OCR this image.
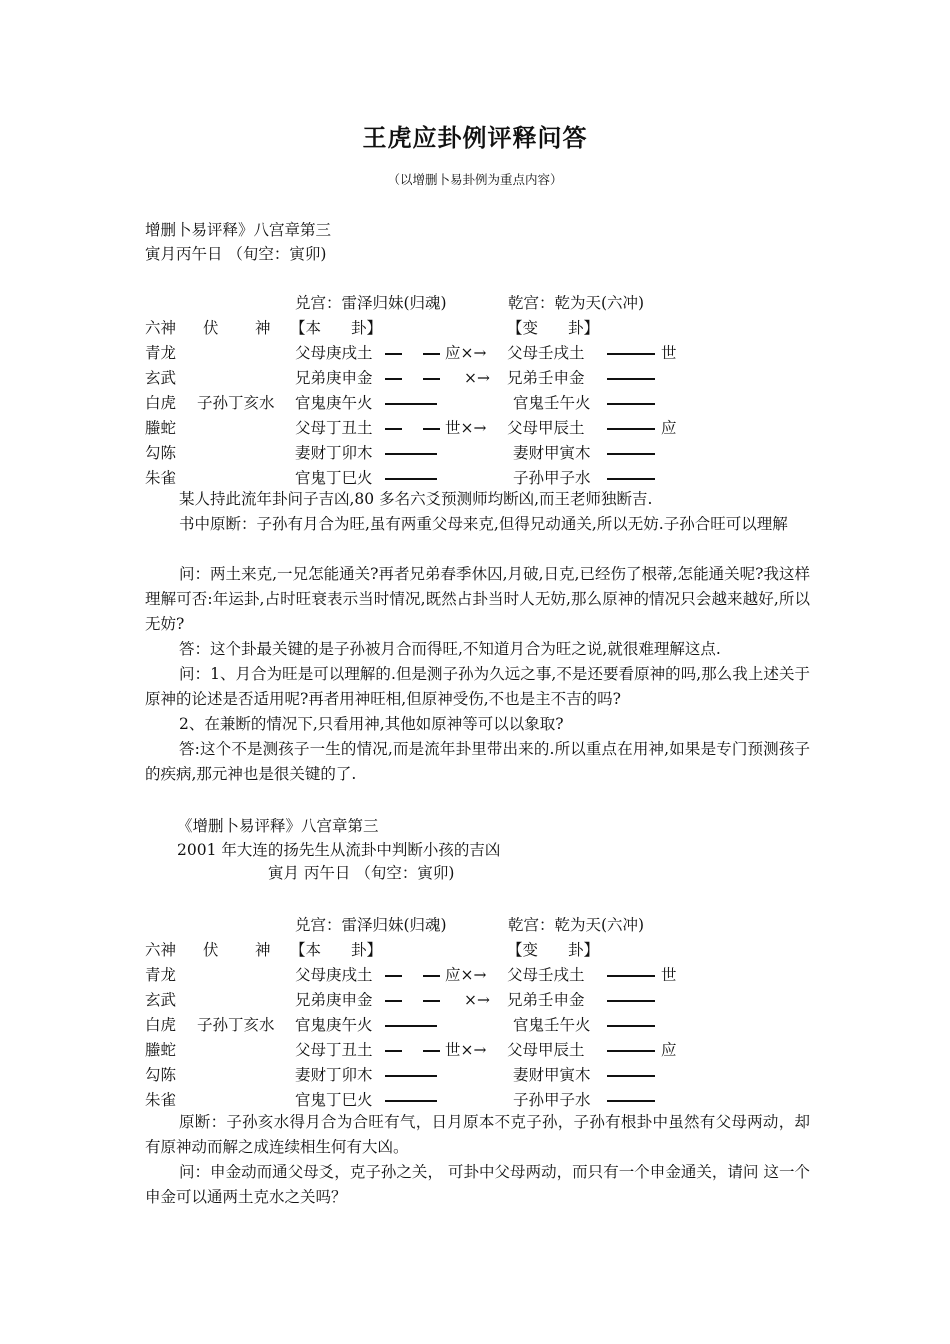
王虎应卦例评释问答
（以增删卜易卦例为重点内容）
增删卜易评释》八宫章第三
寅月丙午日 （旬空：寅卯)
兑宫：雷泽归妹(归魂)	乾宫：乾为天(六冲)
六神 伏 神 【本 卦】	【变 卦】
青龙	父母庚戌土	应×→ 父母壬戌土	世
玄武	兄弟庚申金	×→ 兄弟壬申金
白虎 子孙丁亥水 官鬼庚午火	官鬼壬午火
螣蛇	父母丁丑土	世×→ 父母甲辰土	应
勾陈	妻财丁卯木	妻财甲寅木
朱雀	官鬼丁巳火	子孙甲子水
某人持此流年卦问子吉凶,80 多名六爻预测师均断凶,而王老师独断吉.
书中原断：子孙有月合为旺,虽有两重父母来克,但得兄动通关,所以无妨.子孙合旺可以理解
问：两土来克,一兄怎能通关?再者兄弟春季休囚,月破,日克,已经伤了根蒂,怎能通关呢?我这样理解可否:年运卦,占时旺衰表示当时情况,既然占卦当时人无妨,那么原神的情况只会越来越好,所以无妨?
答：这个卦最关键的是子孙被月合而得旺,不知道月合为旺之说,就很难理解这点.
问：1、月合为旺是可以理解的.但是测子孙为久远之事,不是还要看原神的吗,那么我上述关于原神的论述是否适用呢?再者用神旺相,但原神受伤,不也是主不吉的吗?
2、在兼断的情况下,只看用神,其他如原神等可以以象取?
答:这个不是测孩子一生的情况,而是流年卦里带出来的.所以重点在用神,如果是专门预测孩子的疾病,那元神也是很关键的了.
《增删卜易评释》八宫章第三
2001 年大连的扬先生从流卦中判断小孩的吉凶
寅月 丙午日 （旬空：寅卯)
兑宫：雷泽归妹(归魂)	乾宫：乾为天(六冲)
六神 伏 神 【本 卦】	【变 卦】
青龙	父母庚戌土	应×→ 父母壬戌土	世
玄武	兄弟庚申金	×→ 兄弟壬申金
白虎 子孙丁亥水 官鬼庚午火	官鬼壬午火
螣蛇	父母丁丑土	世×→ 父母甲辰土	应
勾陈	妻财丁卯木	妻财甲寅木
朱雀	官鬼丁巳火	子孙甲子水
原断：子孙亥水得月合为合旺有气，日月原本不克子孙，子孙有根卦中虽然有父母两动，却有原神动而解之成连续相生何有大凶。
问：申金动而通父母爻，克子孙之关， 可卦中父母两动，而只有一个申金通关，请问 这一个申金可以通两土克水之关吗？
